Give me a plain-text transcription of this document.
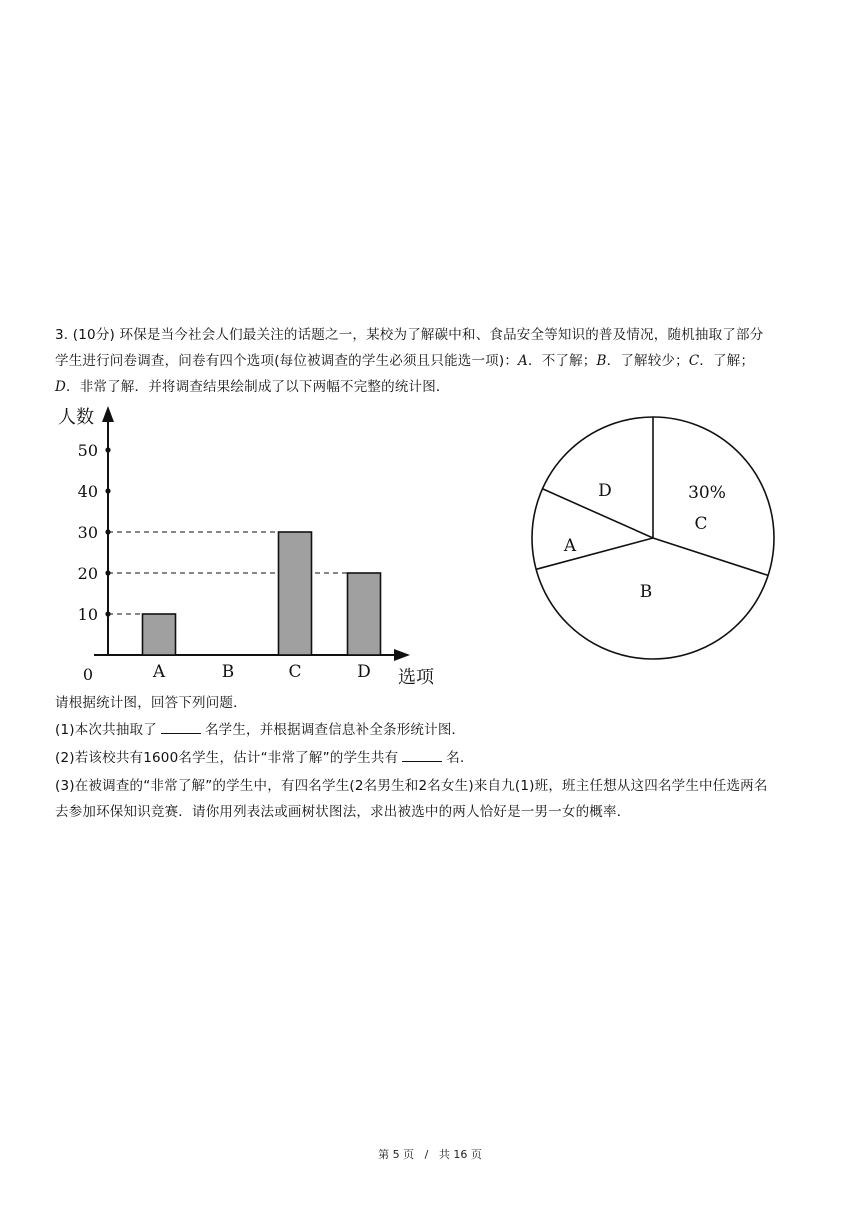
3. (10分) 环保是当今社会人们最关注的话题之一，某校为了解碳中和、食品安全等知识的普及情况，随机抽取了部分
学生进行问卷调查，问卷有四个选项(每位被调查的学生必须且只能选一项)：A．不了解；B．了解较少；C．了解；
D．非常了解．并将调查结果绘制成了以下两幅不完整的统计图．
人数
0	选项
10
20
30
40
50
A	B	C	D
D	30%
C
A
B
请根据统计图，回答下列问题．
(1)本次共抽取了	名学生，并根据调查信息补全条形统计图．
(2)若该校共有1600名学生，估计“非常了解”的学生共有	名．
(3)在被调查的“非常了解”的学生中，有四名学生(2名男生和2名女生)来自九(1)班，班主任想从这四名学生中任选两名
去参加环保知识竞赛．请你用列表法或画树状图法，求出被选中的两人恰好是一男一女的概率．
第 5 页 / 共 16 页
